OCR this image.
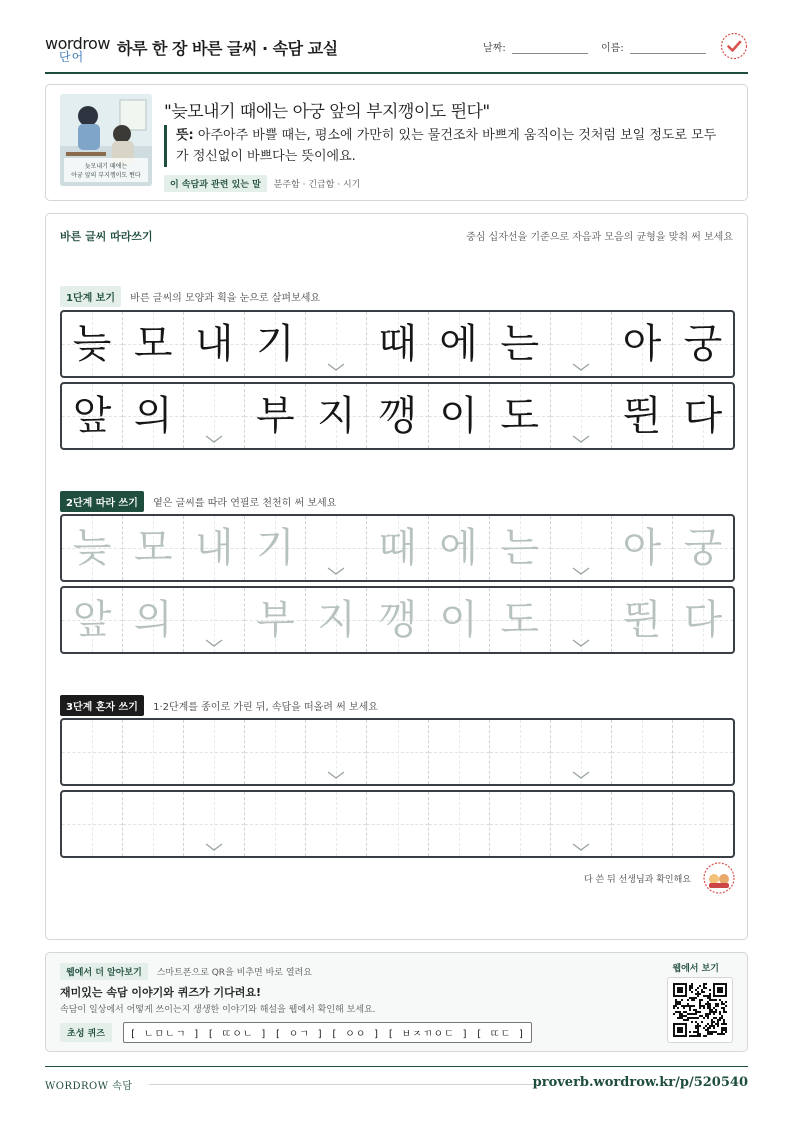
wordrow
단어 하루 한 장 바른 글씨 · 속담 교실	날짜:	이름:
늦모내기 때에는
아궁 앞의 부지깽이도 뛴다
"늦모내기 때에는 아궁 앞의 부지깽이도 뛴다"
뜻: 아주아주 바쁠 때는, 평소에 가만히 있는 물건조차 바쁘게 움직이는 것처럼 보일 정도로 모두가 정신없이 바쁘다는 뜻이에요.
이 속담과 관련 있는 말 분주함 · 긴급함 · 시기
바른 글씨 따라쓰기	중심 십자선을 기준으로 자음과 모음의 균형을 맞춰 써 보세요
1단계 보기 바른 글씨의 모양과 획을 눈으로 살펴보세요
늦 모 내 기 때 에 는 아 궁
앞 의 부 지 깽 이 도 뛴 다
2단계 따라 쓰기 옅은 글씨를 따라 연필로 천천히 써 보세요
늦 모 내 기 때 에 는 아 궁
앞 의 부 지 깽 이 도 뛴 다
3단계 혼자 쓰기 1·2단계를 종이로 가린 뒤, 속담을 떠올려 써 보세요
다 쓴 뒤 선생님과 확인해요
웹에서 더 알아보기 스마트폰으로 QR을 비추면 바로 열려요
재미있는 속담 이야기와 퀴즈가 기다려요!
속담이 일상에서 어떻게 쓰이는지 생생한 이야기와 해설을 웹에서 확인해 보세요.
초성 퀴즈 [ ㄴㅁㄴㄱ ] [ ㄸㅇㄴ ] [ ㅇㄱ ] [ ㅇㅇ ] [ ㅂㅈㄲㅇㄷ ] [ ㄸㄷ ]
웹에서 보기
WORDROW 속담	proverb.wordrow.kr/p/520540
